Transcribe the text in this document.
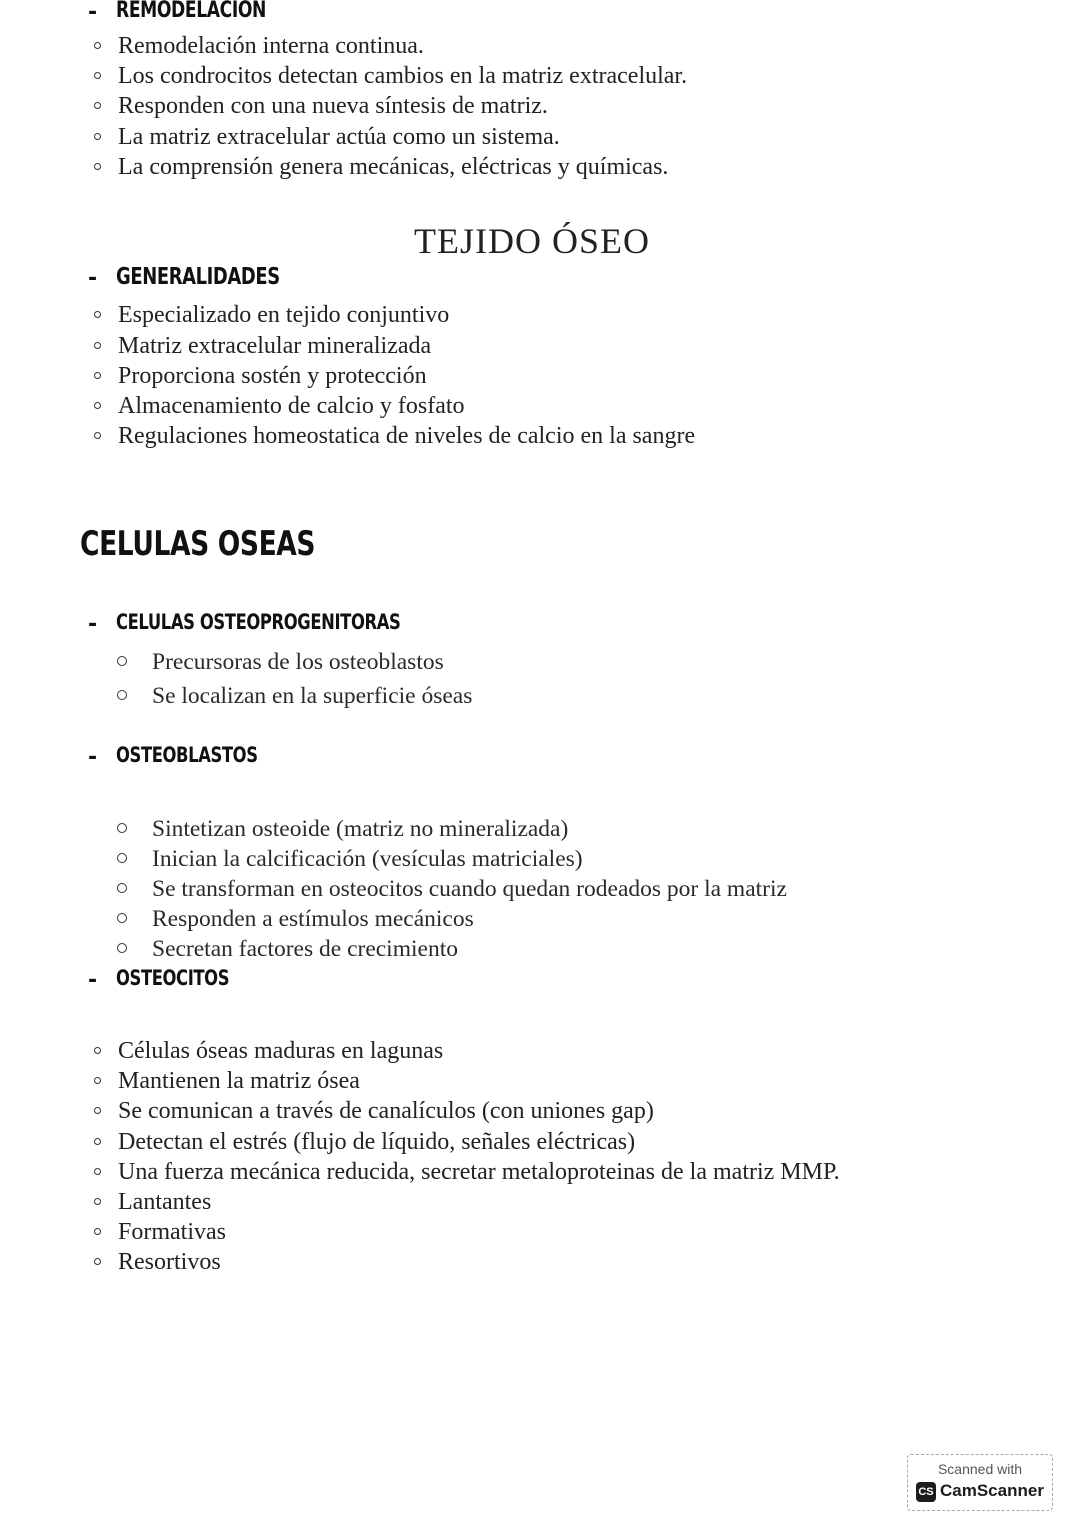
- REMODELACION
Remodelación interna continua.
Los condrocitos detectan cambios en la matriz extracelular.
Responden con una nueva síntesis de matriz.
La matriz extracelular actúa como un sistema.
La comprensión genera mecánicas, eléctricas y químicas.
TEJIDO ÓSEO
- GENERALIDADES
Especializado en tejido conjuntivo
Matriz extracelular mineralizada
Proporciona sostén y protección
Almacenamiento de calcio y fosfato
Regulaciones homeostatica de niveles de calcio en la sangre
CELULAS OSEAS
- CELULAS OSTEOPROGENITORAS
Precursoras de los osteoblastos
Se localizan en la superficie óseas
- OSTEOBLASTOS
Sintetizan osteoide (matriz no mineralizada)
Inician la calcificación (vesículas matriciales)
Se transforman en osteocitos cuando quedan rodeados por la matriz
Responden a estímulos mecánicos
Secretan factores de crecimiento
- OSTEOCITOS
Células óseas maduras en lagunas
Mantienen la matriz ósea
Se comunican a través de canalículos (con uniones gap)
Detectan el estrés (flujo de líquido, señales eléctricas)
Una fuerza mecánica reducida, secretar metaloproteinas de la matriz MMP.
Lantantes
Formativas
Resortivos
Scanned with
CS CamScanner
